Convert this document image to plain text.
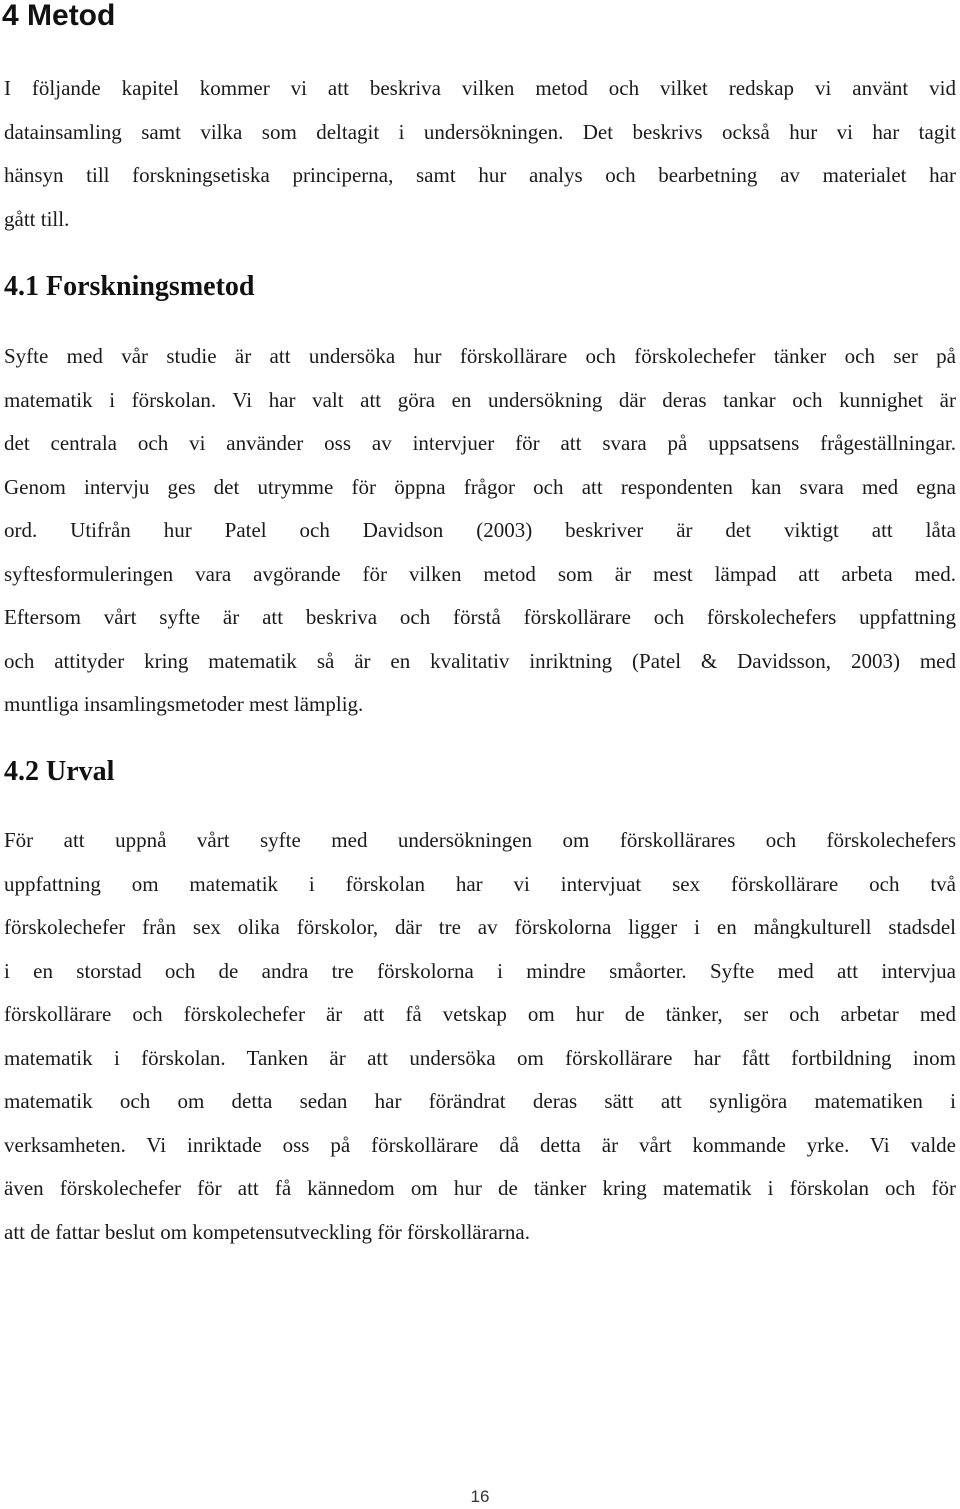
4 Metod
I följande kapitel kommer vi att beskriva vilken metod och vilket redskap vi använt vid
datainsamling samt vilka som deltagit i undersökningen. Det beskrivs också hur vi har tagit
hänsyn till forskningsetiska principerna, samt hur analys och bearbetning av materialet har
gått till.
4.1 Forskningsmetod
Syfte med vår studie är att undersöka hur förskollärare och förskolechefer tänker och ser på
matematik i förskolan. Vi har valt att göra en undersökning där deras tankar och kunnighet är
det centrala och vi använder oss av intervjuer för att svara på uppsatsens frågeställningar.
Genom intervju ges det utrymme för öppna frågor och att respondenten kan svara med egna
ord. Utifrån hur Patel och Davidson (2003) beskriver är det viktigt att låta
syftesformuleringen vara avgörande för vilken metod som är mest lämpad att arbeta med.
Eftersom vårt syfte är att beskriva och förstå förskollärare och förskolechefers uppfattning
och attityder kring matematik så är en kvalitativ inriktning (Patel & Davidsson, 2003) med
muntliga insamlingsmetoder mest lämplig.
4.2 Urval
För att uppnå vårt syfte med undersökningen om förskollärares och förskolechefers
uppfattning om matematik i förskolan har vi intervjuat sex förskollärare och två
förskolechefer från sex olika förskolor, där tre av förskolorna ligger i en mångkulturell stadsdel
i en storstad och de andra tre förskolorna i mindre småorter. Syfte med att intervjua
förskollärare och förskolechefer är att få vetskap om hur de tänker, ser och arbetar med
matematik i förskolan. Tanken är att undersöka om förskollärare har fått fortbildning inom
matematik och om detta sedan har förändrat deras sätt att synligöra matematiken i
verksamheten. Vi inriktade oss på förskollärare då detta är vårt kommande yrke. Vi valde
även förskolechefer för att få kännedom om hur de tänker kring matematik i förskolan och för
att de fattar beslut om kompetensutveckling för förskollärarna.

16
